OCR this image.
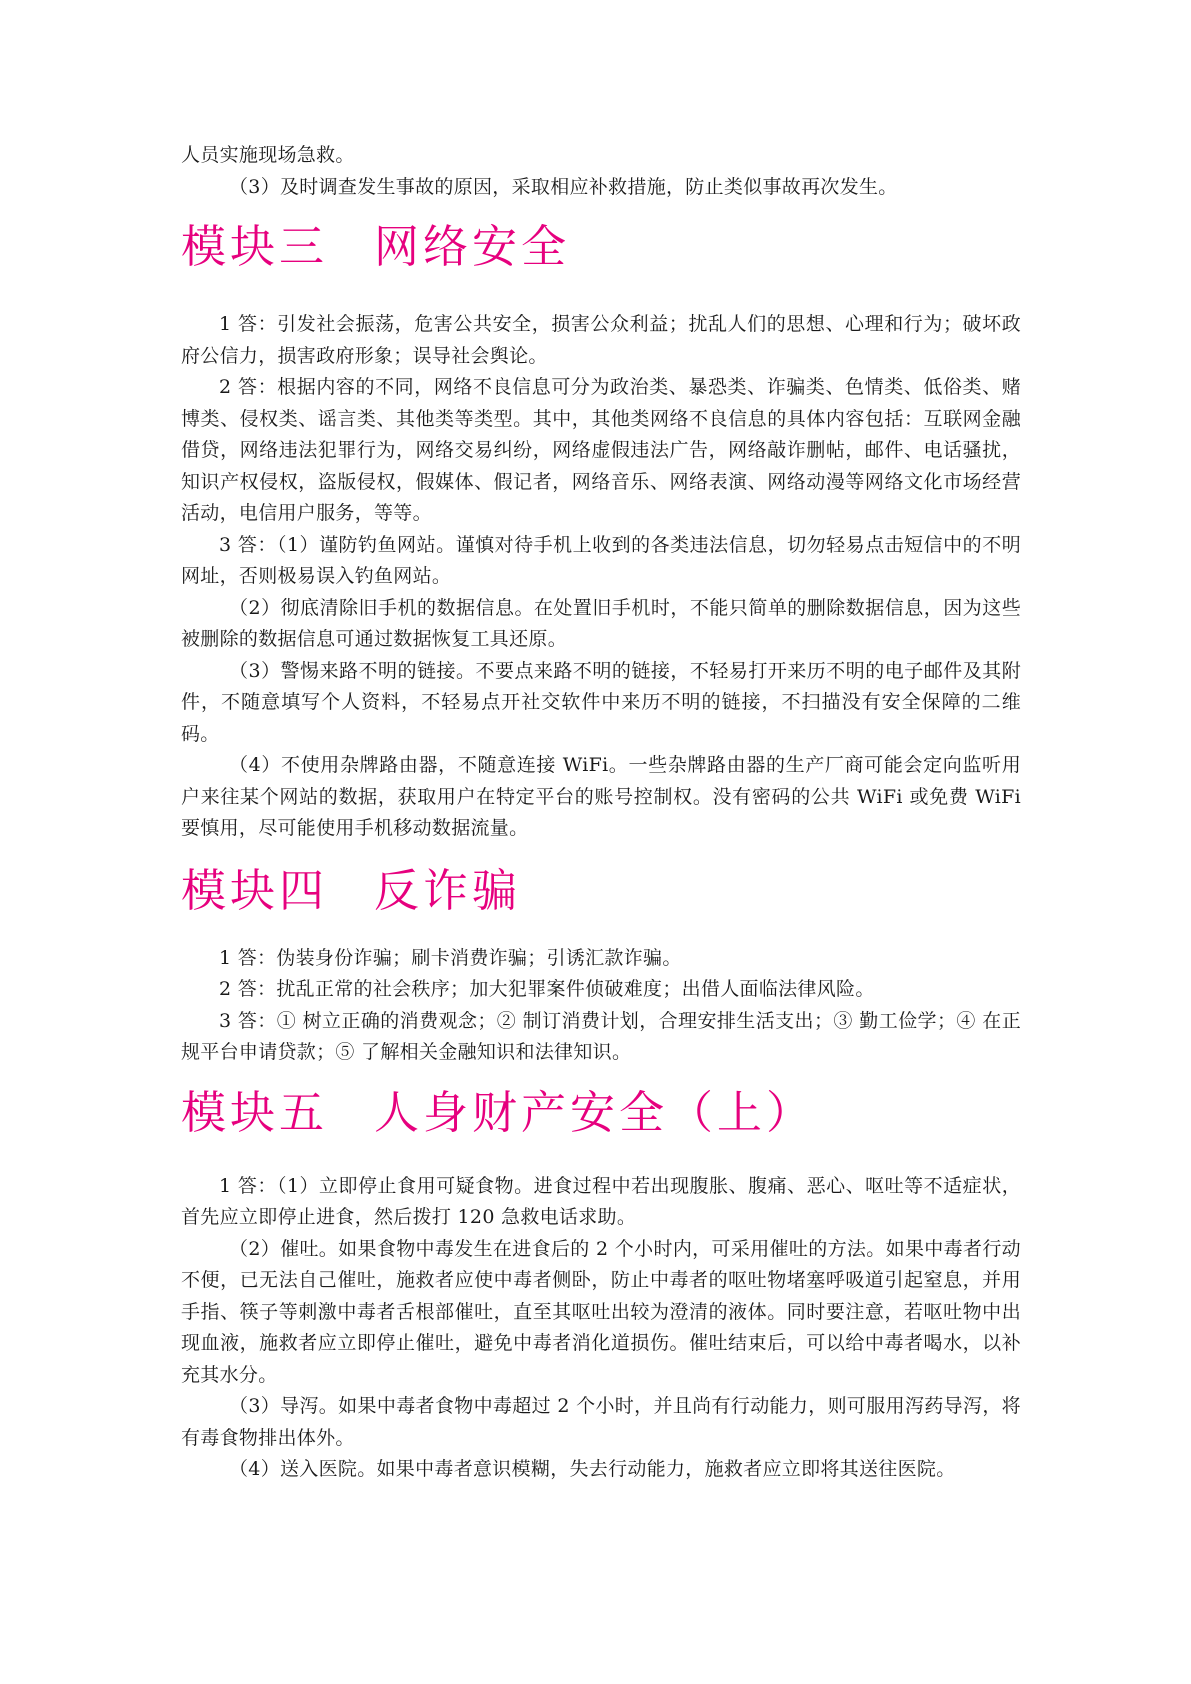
人员实施现场急救。

（3）及时调查发生事故的原因，采取相应补救措施，防止类似事故再次发生。

模块三 网络安全

1 答：引发社会振荡，危害公共安全，损害公众利益；扰乱人们的思想、心理和行为；破坏政府公信力，损害政府形象；误导社会舆论。

2 答：根据内容的不同，网络不良信息可分为政治类、暴恐类、诈骗类、色情类、低俗类、赌博类、侵权类、谣言类、其他类等类型。其中，其他类网络不良信息的具体内容包括：互联网金融借贷，网络违法犯罪行为，网络交易纠纷，网络虚假违法广告，网络敲诈删帖，邮件、电话骚扰，知识产权侵权，盗版侵权，假媒体、假记者，网络音乐、网络表演、网络动漫等网络文化市场经营活动，电信用户服务，等等。

3 答：（1）谨防钓鱼网站。谨慎对待手机上收到的各类违法信息，切勿轻易点击短信中的不明网址，否则极易误入钓鱼网站。

（2）彻底清除旧手机的数据信息。在处置旧手机时，不能只简单的删除数据信息，因为这些被删除的数据信息可通过数据恢复工具还原。

（3）警惕来路不明的链接。不要点来路不明的链接，不轻易打开来历不明的电子邮件及其附件，不随意填写个人资料，不轻易点开社交软件中来历不明的链接，不扫描没有安全保障的二维码。

（4）不使用杂牌路由器，不随意连接 WiFi。一些杂牌路由器的生产厂商可能会定向监听用户来往某个网站的数据，获取用户在特定平台的账号控制权。没有密码的公共 WiFi 或免费 WiFi 要慎用，尽可能使用手机移动数据流量。

模块四 反诈骗

1 答：伪装身份诈骗；刷卡消费诈骗；引诱汇款诈骗。

2 答：扰乱正常的社会秩序；加大犯罪案件侦破难度；出借人面临法律风险。

3 答：① 树立正确的消费观念；② 制订消费计划，合理安排生活支出；③ 勤工俭学；④ 在正规平台申请贷款；⑤ 了解相关金融知识和法律知识。

模块五 人身财产安全（上）

1 答：（1）立即停止食用可疑食物。进食过程中若出现腹胀、腹痛、恶心、呕吐等不适症状，首先应立即停止进食，然后拨打 120 急救电话求助。

（2）催吐。如果食物中毒发生在进食后的 2 个小时内，可采用催吐的方法。如果中毒者行动不便，已无法自己催吐，施救者应使中毒者侧卧，防止中毒者的呕吐物堵塞呼吸道引起窒息，并用手指、筷子等刺激中毒者舌根部催吐，直至其呕吐出较为澄清的液体。同时要注意，若呕吐物中出现血液，施救者应立即停止催吐，避免中毒者消化道损伤。催吐结束后，可以给中毒者喝水，以补充其水分。

（3）导泻。如果中毒者食物中毒超过 2 个小时，并且尚有行动能力，则可服用泻药导泻，将有毒食物排出体外。

（4）送入医院。如果中毒者意识模糊，失去行动能力，施救者应立即将其送往医院。
